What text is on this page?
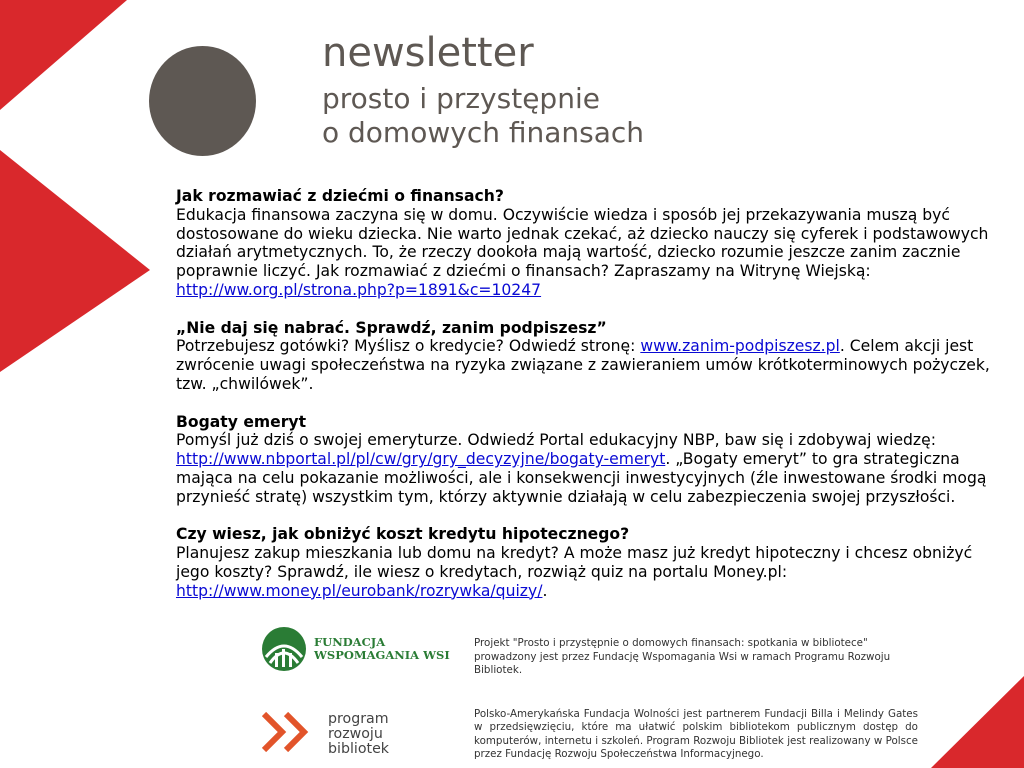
newsletter

prosto i przystępnie

o domowych finansach

Jak rozmawiać z dziećmi o finansach?

Edukacja finansowa zaczyna się w domu. Oczywiście wiedza i sposób jej przekazywania muszą być dostosowane do wieku dziecka. Nie warto jednak czekać, aż dziecko nauczy się cyferek i podstawowych działań arytmetycznych. To, że rzeczy dookoła mają wartość, dziecko rozumie jeszcze zanim zacznie poprawnie liczyć. Jak rozmawiać z dziećmi o finansach? Zapraszamy na Witrynę Wiejską: http://ww.org.pl/strona.php?p=1891&c=10247

„Nie daj się nabrać. Sprawdź, zanim podpiszesz”

Potrzebujesz gotówki? Myślisz o kredycie? Odwiedź stronę: www.zanim-podpiszesz.pl. Celem akcji jest zwrócenie uwagi społeczeństwa na ryzyka związane z zawieraniem umów krótkoterminowych pożyczek, tzw. „chwilówek”.

Bogaty emeryt

Pomyśl już dziś o swojej emeryturze. Odwiedź Portal edukacyjny NBP, baw się i zdobywaj wiedzę: http://www.nbportal.pl/pl/cw/gry/gry_decyzyjne/bogaty-emeryt. „Bogaty emeryt” to gra strategiczna mająca na celu pokazanie możliwości, ale i konsekwencji inwestycyjnych (źle inwestowane środki mogą przynieść stratę) wszystkim tym, którzy aktywnie działają w celu zabezpieczenia swojej przyszłości.

Czy wiesz, jak obniżyć koszt kredytu hipotecznego?

Planujesz zakup mieszkania lub domu na kredyt? A może masz już kredyt hipoteczny i chcesz obniżyć jego koszty? Sprawdź, ile wiesz o kredytach, rozwiąż quiz na portalu Money.pl: http://www.money.pl/eurobank/rozrywka/quizy/.

FUNDACJA
WSPOMAGANIA WSI
Projekt "Prosto i przystępnie o domowych finansach: spotkania w bibliotece" prowadzony jest przez Fundację Wspomagania Wsi w ramach Programu Rozwoju Bibliotek.
program
rozwoju
bibliotek
Polsko-Amerykańska Fundacja Wolności jest partnerem Fundacji Billa i Melindy Gates w przedsięwzięciu, które ma ułatwić polskim bibliotekom publicznym dostęp do komputerów, internetu i szkoleń. Program Rozwoju Bibliotek jest realizowany w Polsce przez Fundację Rozwoju Społeczeństwa Informacyjnego.
